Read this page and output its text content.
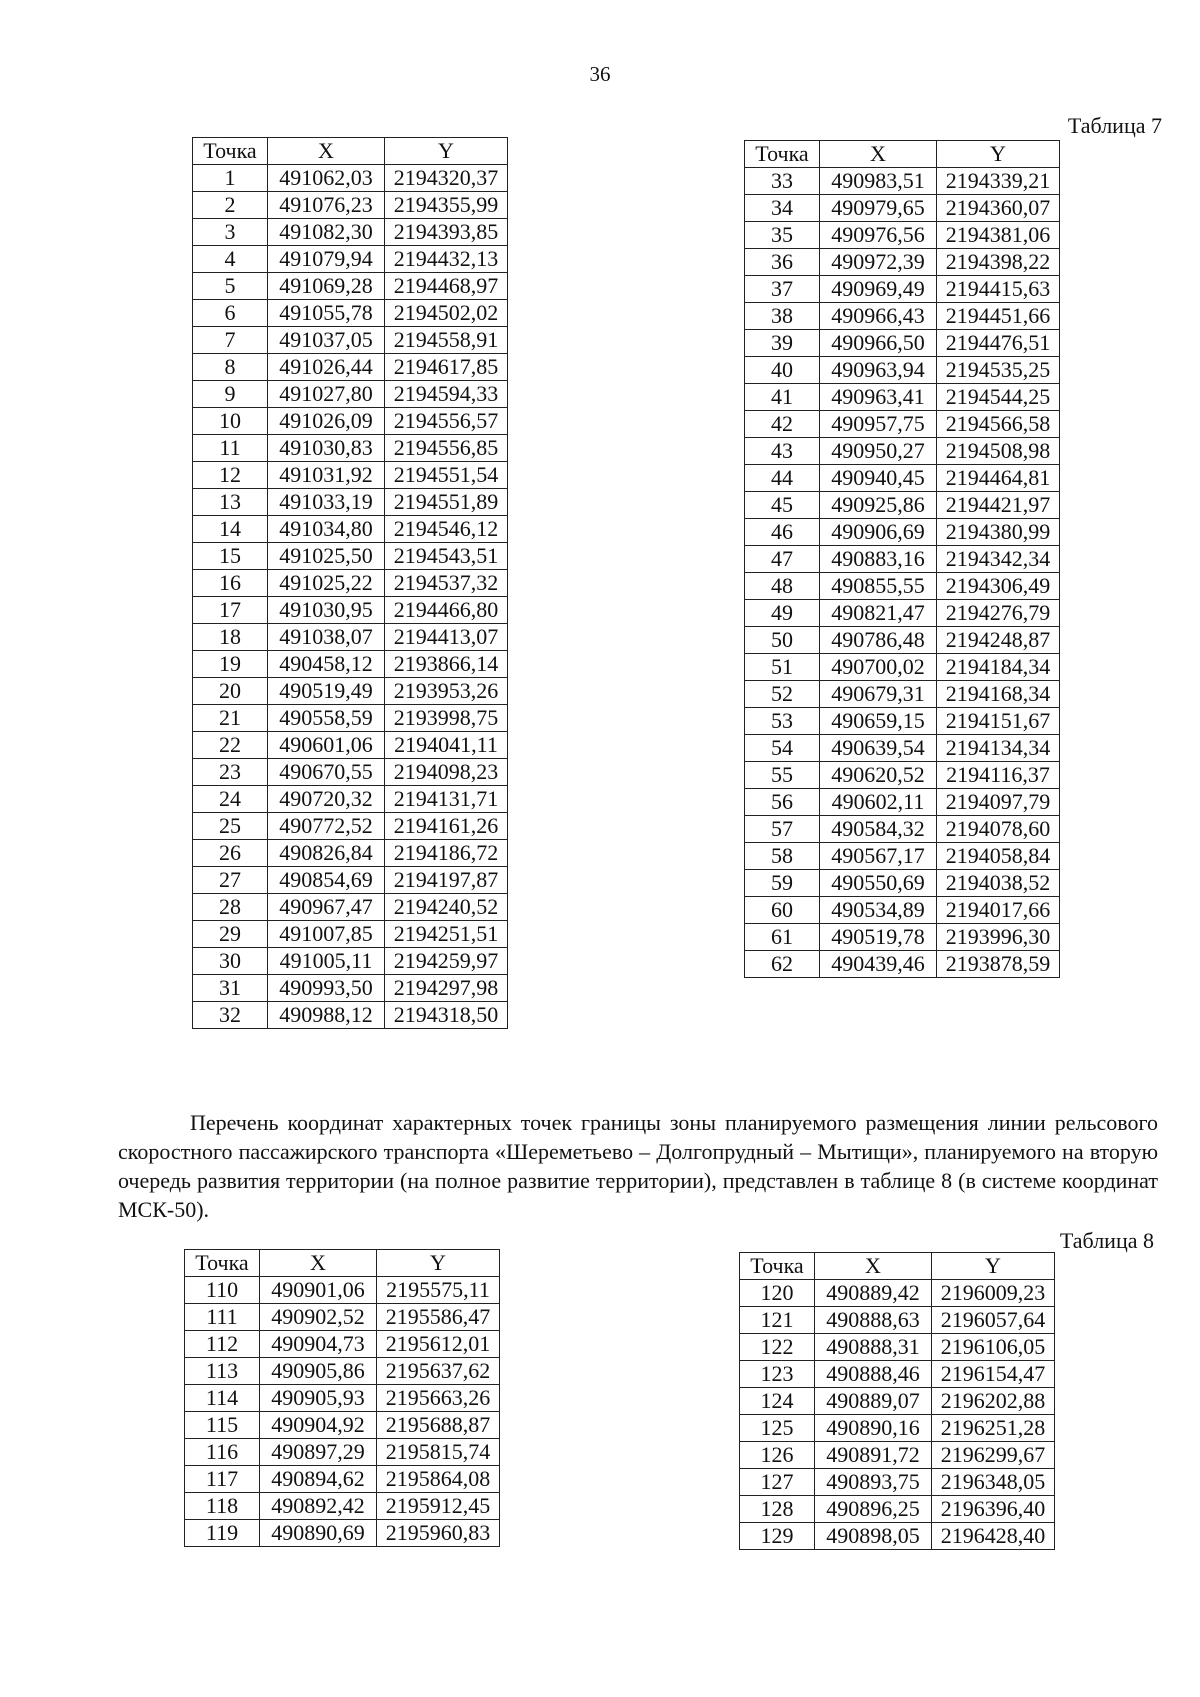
36
Таблица 7
Точка	X	Y
1	491062,03	2194320,37
2	491076,23	2194355,99
3	491082,30	2194393,85
4	491079,94	2194432,13
5	491069,28	2194468,97
6	491055,78	2194502,02
7	491037,05	2194558,91
8	491026,44	2194617,85
9	491027,80	2194594,33
10	491026,09	2194556,57
11	491030,83	2194556,85
12	491031,92	2194551,54
13	491033,19	2194551,89
14	491034,80	2194546,12
15	491025,50	2194543,51
16	491025,22	2194537,32
17	491030,95	2194466,80
18	491038,07	2194413,07
19	490458,12	2193866,14
20	490519,49	2193953,26
21	490558,59	2193998,75
22	490601,06	2194041,11
23	490670,55	2194098,23
24	490720,32	2194131,71
25	490772,52	2194161,26
26	490826,84	2194186,72
27	490854,69	2194197,87
28	490967,47	2194240,52
29	491007,85	2194251,51
30	491005,11	2194259,97
31	490993,50	2194297,98
32	490988,12	2194318,50
Точка	X	Y
33	490983,51	2194339,21
34	490979,65	2194360,07
35	490976,56	2194381,06
36	490972,39	2194398,22
37	490969,49	2194415,63
38	490966,43	2194451,66
39	490966,50	2194476,51
40	490963,94	2194535,25
41	490963,41	2194544,25
42	490957,75	2194566,58
43	490950,27	2194508,98
44	490940,45	2194464,81
45	490925,86	2194421,97
46	490906,69	2194380,99
47	490883,16	2194342,34
48	490855,55	2194306,49
49	490821,47	2194276,79
50	490786,48	2194248,87
51	490700,02	2194184,34
52	490679,31	2194168,34
53	490659,15	2194151,67
54	490639,54	2194134,34
55	490620,52	2194116,37
56	490602,11	2194097,79
57	490584,32	2194078,60
58	490567,17	2194058,84
59	490550,69	2194038,52
60	490534,89	2194017,66
61	490519,78	2193996,30
62	490439,46	2193878,59
Перечень координат характерных точек границы зоны планируемого размещения линии рельсового скоростного пассажирского транспорта «Шереметьево – Долгопрудный – Мытищи», планируемого на вторую очередь развития территории (на полное развитие территории), представлен в таблице 8 (в системе координат МСК-50).
Таблица 8
Точка	X	Y
110	490901,06	2195575,11
111	490902,52	2195586,47
112	490904,73	2195612,01
113	490905,86	2195637,62
114	490905,93	2195663,26
115	490904,92	2195688,87
116	490897,29	2195815,74
117	490894,62	2195864,08
118	490892,42	2195912,45
119	490890,69	2195960,83
Точка	X	Y
120	490889,42	2196009,23
121	490888,63	2196057,64
122	490888,31	2196106,05
123	490888,46	2196154,47
124	490889,07	2196202,88
125	490890,16	2196251,28
126	490891,72	2196299,67
127	490893,75	2196348,05
128	490896,25	2196396,40
129	490898,05	2196428,40
